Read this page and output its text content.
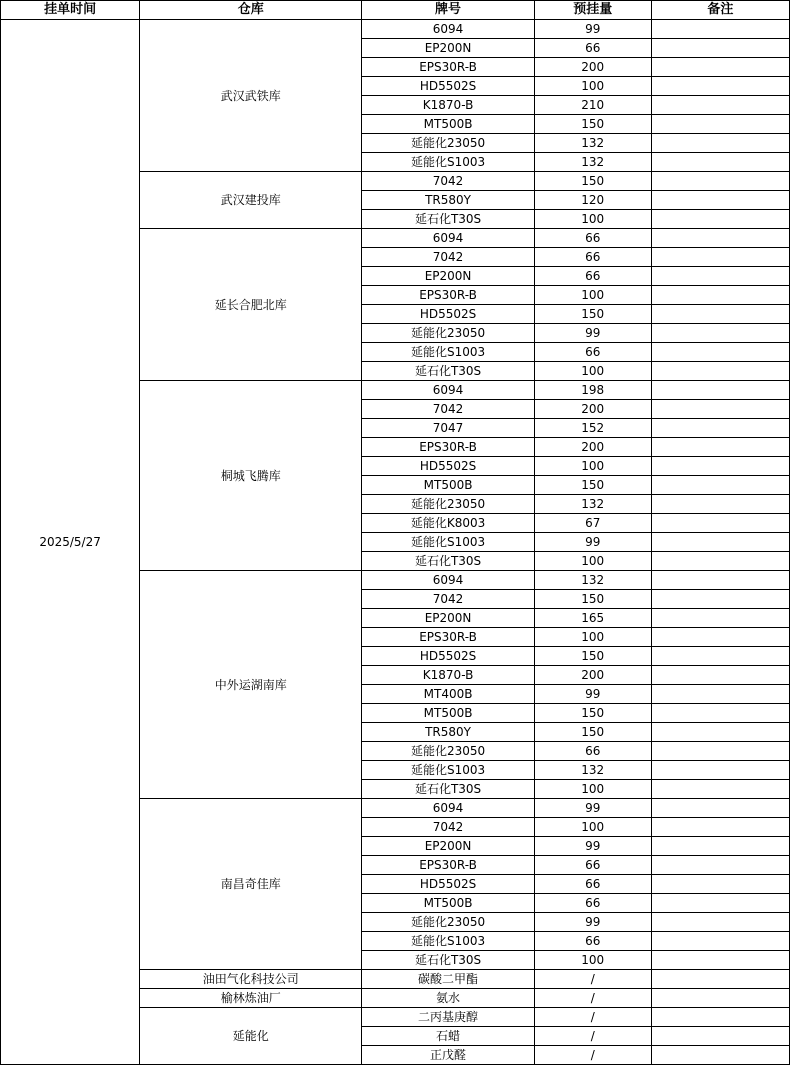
挂单时间	仓库	牌号	预挂量	备注
2025/5/27	武汉武铁库	6094	99	
		EP200N	66	
		EPS30R-B	200	
		HD5502S	100	
		K1870-B	210	
		MT500B	150	
		延能化23050	132	
		延能化S1003	132	
	武汉建投库	7042	150	
		TR580Y	120	
		延石化T30S	100	
	延长合肥北库	6094	66	
		7042	66	
		EP200N	66	
		EPS30R-B	100	
		HD5502S	150	
		延能化23050	99	
		延能化S1003	66	
		延石化T30S	100	
	桐城飞腾库	6094	198	
		7042	200	
		7047	152	
		EPS30R-B	200	
		HD5502S	100	
		MT500B	150	
		延能化23050	132	
		延能化K8003	67	
		延能化S1003	99	
		延石化T30S	100	
	中外运湖南库	6094	132	
		7042	150	
		EP200N	165	
		EPS30R-B	100	
		HD5502S	150	
		K1870-B	200	
		MT400B	99	
		MT500B	150	
		TR580Y	150	
		延能化23050	66	
		延能化S1003	132	
		延石化T30S	100	
	南昌奇佳库	6094	99	
		7042	100	
		EP200N	99	
		EPS30R-B	66	
		HD5502S	66	
		MT500B	66	
		延能化23050	99	
		延能化S1003	66	
		延石化T30S	100	
	油田气化科技公司	碳酸二甲酯	/	
	榆林炼油厂	氨水	/	
	延能化	二丙基庚醇	/	
		石蜡	/	
		正戊醛	/	
